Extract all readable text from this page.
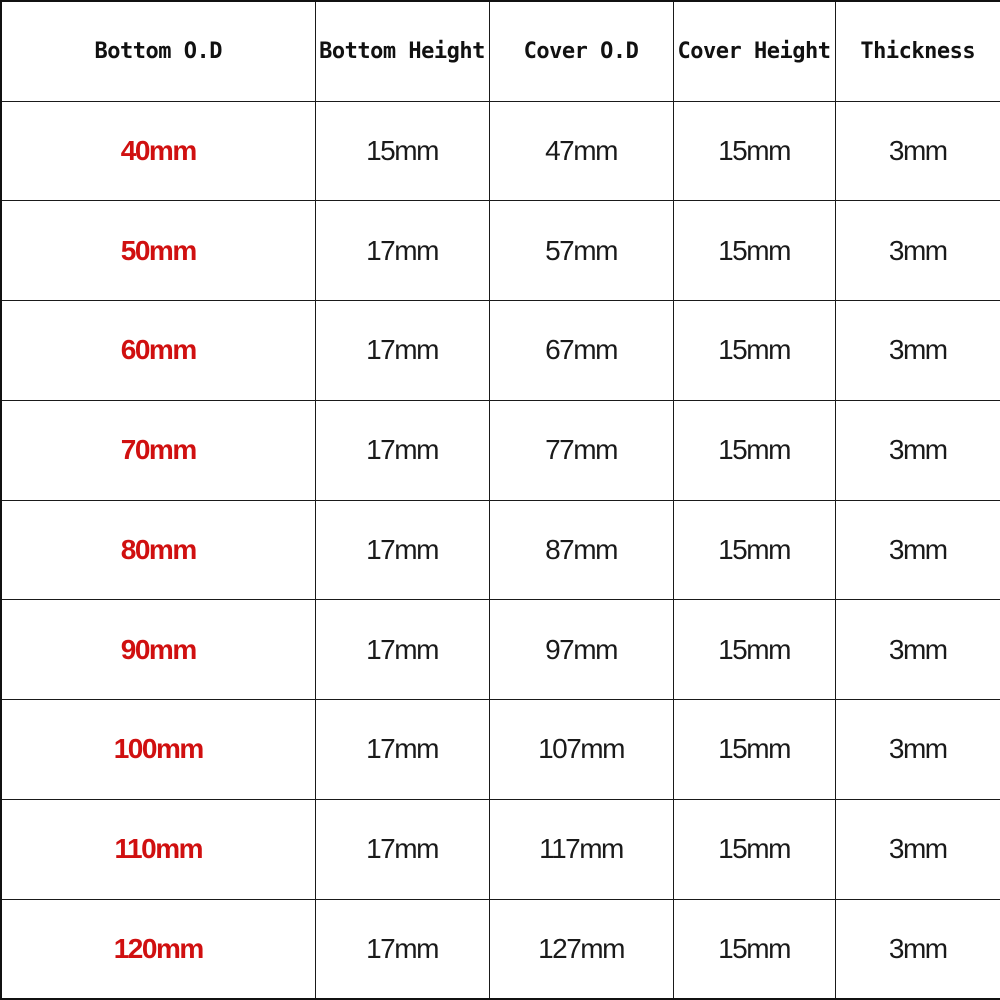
Bottom O.D	Bottom Height	Cover O.D	Cover Height	Thickness
40mm	15mm	47mm	15mm	3mm
50mm	17mm	57mm	15mm	3mm
60mm	17mm	67mm	15mm	3mm
70mm	17mm	77mm	15mm	3mm
80mm	17mm	87mm	15mm	3mm
90mm	17mm	97mm	15mm	3mm
100mm	17mm	107mm	15mm	3mm
110mm	17mm	117mm	15mm	3mm
120mm	17mm	127mm	15mm	3mm
